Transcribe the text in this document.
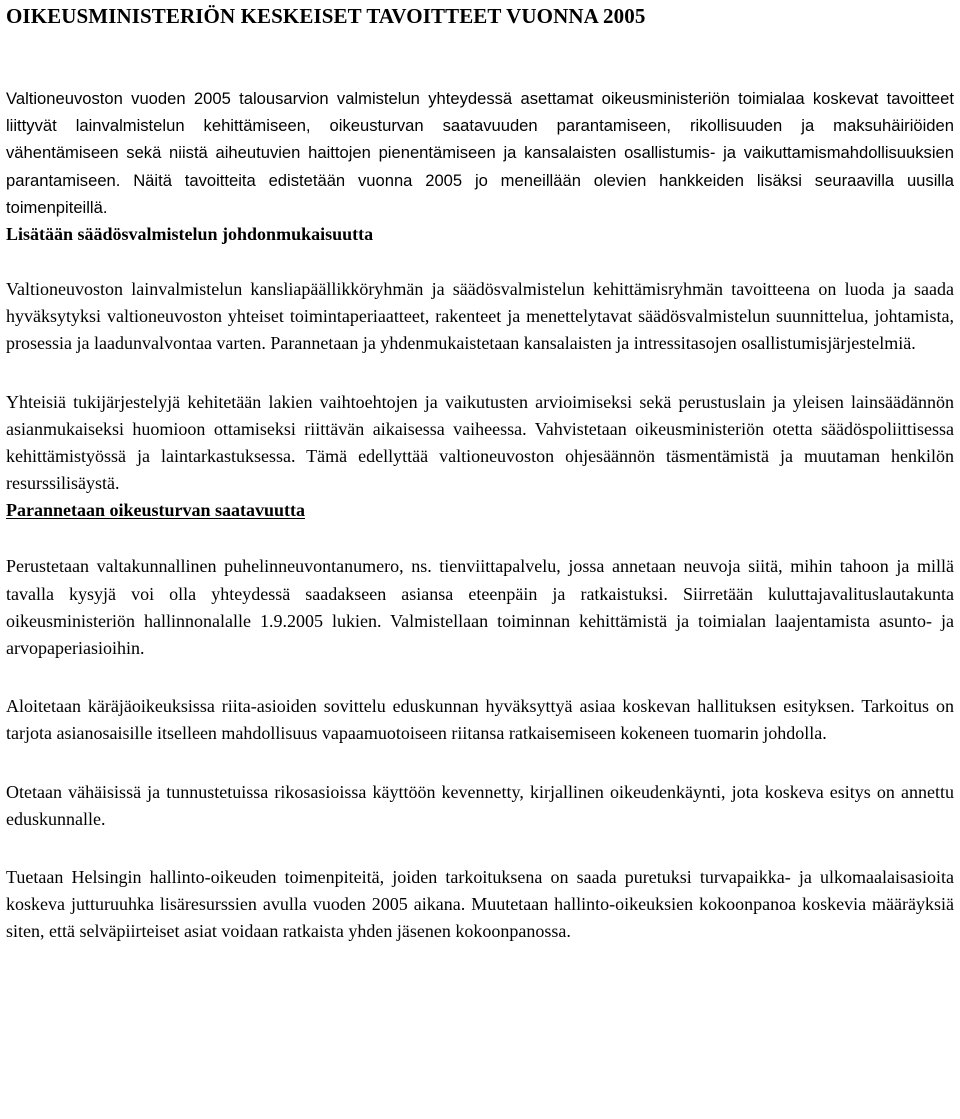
OIKEUSMINISTERIÖN KESKEISET TAVOITTEET VUONNA 2005

Valtioneuvoston vuoden 2005 talousarvion valmistelun yhteydessä asettamat oikeusministeriön toimialaa koskevat tavoitteet liittyvät lainvalmistelun kehittämiseen, oikeusturvan saatavuuden parantamiseen, rikollisuuden ja maksuhäiriöiden vähentämiseen sekä niistä aiheutuvien haittojen pienentämiseen ja kansalaisten osallistumis- ja vaikuttamismahdollisuuksien parantamiseen. Näitä tavoitteita edistetään vuonna 2005 jo meneillään olevien hankkeiden lisäksi seuraavilla uusilla toimenpiteillä.

Lisätään säädösvalmistelun johdonmukaisuutta

Valtioneuvoston lainvalmistelun kansliapäällikköryhmän ja säädösvalmistelun kehittämisryhmän tavoitteena on luoda ja saada hyväksytyksi valtioneuvoston yhteiset toimintaperiaatteet, rakenteet ja menettelytavat säädösvalmistelun suunnittelua, johtamista, prosessia ja laadunvalvontaa varten. Parannetaan ja yhdenmukaistetaan kansalaisten ja intressitasojen osallistumisjärjestelmiä.

Yhteisiä tukijärjestelyjä kehitetään lakien vaihtoehtojen ja vaikutusten arvioimiseksi sekä perustuslain ja yleisen lainsäädännön asianmukaiseksi huomioon ottamiseksi riittävän aikaisessa vaiheessa. Vahvistetaan oikeusministeriön otetta säädöspoliittisessa kehittämistyössä ja laintarkastuksessa. Tämä edellyttää valtioneuvoston ohjesäännön täsmentämistä ja muutaman henkilön resurssilisäystä.

Parannetaan oikeusturvan saatavuutta

Perustetaan valtakunnallinen puhelinneuvontanumero, ns. tienviittapalvelu, jossa annetaan neuvoja siitä, mihin tahoon ja millä tavalla kysyjä voi olla yhteydessä saadakseen asiansa eteenpäin ja ratkaistuksi. Siirretään kuluttajavalituslautakunta oikeusministeriön hallinnonalalle 1.9.2005 lukien. Valmistellaan toiminnan kehittämistä ja toimialan laajentamista asunto- ja arvopaperiasioihin.

Aloitetaan käräjäoikeuksissa riita-asioiden sovittelu eduskunnan hyväksyttyä asiaa koskevan hallituksen esityksen. Tarkoitus on tarjota asianosaisille itselleen mahdollisuus vapaamuotoiseen riitansa ratkaisemiseen kokeneen tuomarin johdolla.

Otetaan vähäisissä ja tunnustetuissa rikosasioissa käyttöön kevennetty, kirjallinen oikeudenkäynti, jota koskeva esitys on annettu eduskunnalle.

Tuetaan Helsingin hallinto-oikeuden toimenpiteitä, joiden tarkoituksena on saada puretuksi turvapaikka- ja ulkomaalaisasioita koskeva jutturuuhka lisäresurssien avulla vuoden 2005 aikana. Muutetaan hallinto-oikeuksien kokoonpanoa koskevia määräyksiä siten, että selväpiirteiset asiat voidaan ratkaista yhden jäsenen kokoonpanossa.
